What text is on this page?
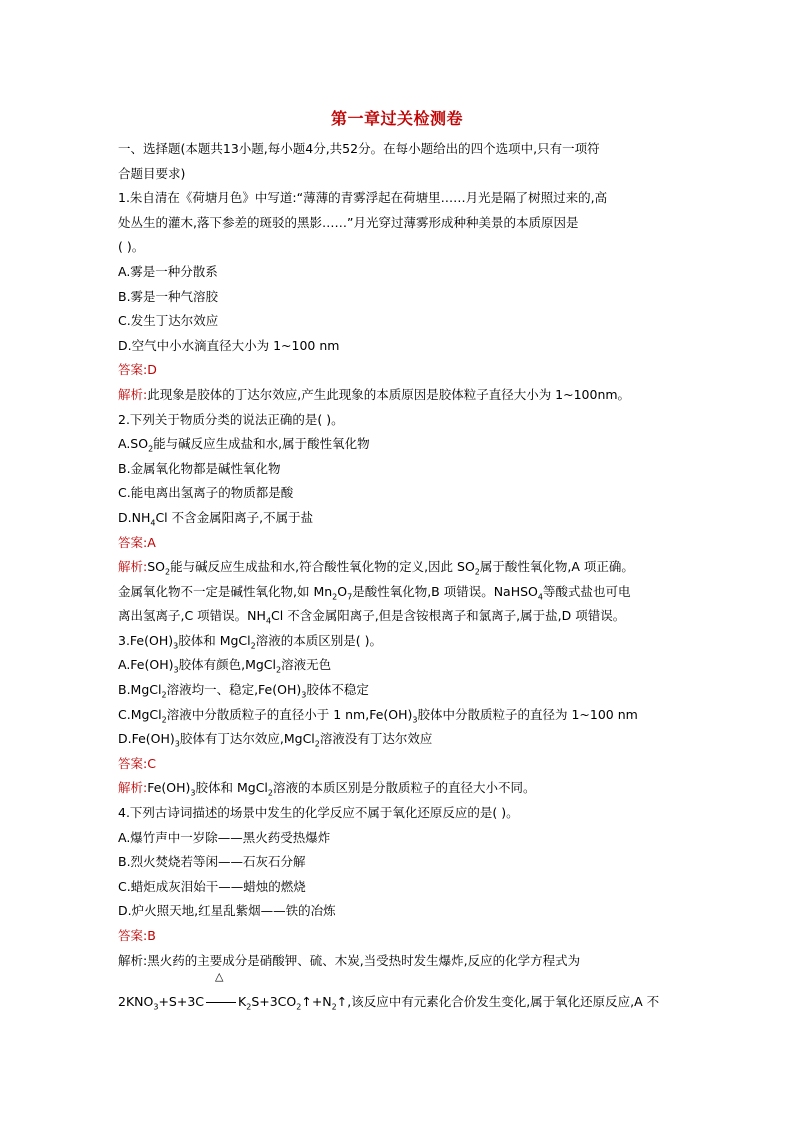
第一章过关检测卷
一、选择题(本题共13小题,每小题4分,共52分。在每小题给出的四个选项中,只有一项符
合题目要求)
1.朱自清在《荷塘月色》中写道:“薄薄的青雾浮起在荷塘里……月光是隔了树照过来的,高
处丛生的灌木,落下参差的斑驳的黑影……”月光穿过薄雾形成种种美景的本质原因是
( )。
A.雾是一种分散系
B.雾是一种气溶胶
C.发生丁达尔效应
D.空气中小水滴直径大小为 1~100 nm
答案:D
解析:此现象是胶体的丁达尔效应,产生此现象的本质原因是胶体粒子直径大小为 1~100nm。
2.下列关于物质分类的说法正确的是( )。
$A.SO_2$能与碱反应生成盐和水,属于酸性氧化物
B.金属氧化物都是碱性氧化物
C.能电离出氢离子的物质都是酸
$D.NH_4Cl$ 不含金属阳离子,不属于盐
答案:A
解析$:SO_2$能与碱反应生成盐和水,符合酸性氧化物的定义,因此 $SO_2$属于酸性氧化物,A 项正确。
金属氧化物不一定是碱性氧化物,如 $Mn_2O_7$是酸性氧化物,B 项错误。NaHSO$_4$等酸式盐也可电
离出氢离子,C 项错误。$NH_4Cl$ 不含金属阳离子,但是含铵根离子和氯离子,属于盐,D 项错误。
$3.Fe(OH)_3$胶体和 MgCl$_2$溶液的本质区别是( )。
$A.Fe(OH)_3$胶体有颜色,MgCl$_2$溶液无色
B.MgCl$_2$溶液均一、稳定$,Fe(OH)_3$胶体不稳定
C.MgCl$_2$溶液中分散质粒子的直径小于 1 $nm,Fe(OH)_3$胶体中分散质粒子的直径为 1~100 nm
$D.Fe(OH)_3$胶体有丁达尔效应,MgCl$_2$溶液没有丁达尔效应
答案:C
解析$:Fe(OH)_3$胶体和 MgCl$_2$溶液的本质区别是分散质粒子的直径大小不同。
4.下列古诗词描述的场景中发生的化学反应不属于氧化还原反应的是( )。
A.爆竹声中一岁除——黑火药受热爆炸
B.烈火焚烧若等闲——石灰石分解
C.蜡炬成灰泪始干——蜡烛的燃烧
D.炉火照天地,红星乱紫烟——铁的冶炼
答案:B
解析:黑火药的主要成分是硝酸钾、硫、木炭,当受热时发生爆炸,反应的化学方程式为
$2KNO_3+S+3C$
△
$K_2S+3CO_2↑+N_2↑$,该反应中有元素化合价发生变化,属于氧化还原反应,A 不
